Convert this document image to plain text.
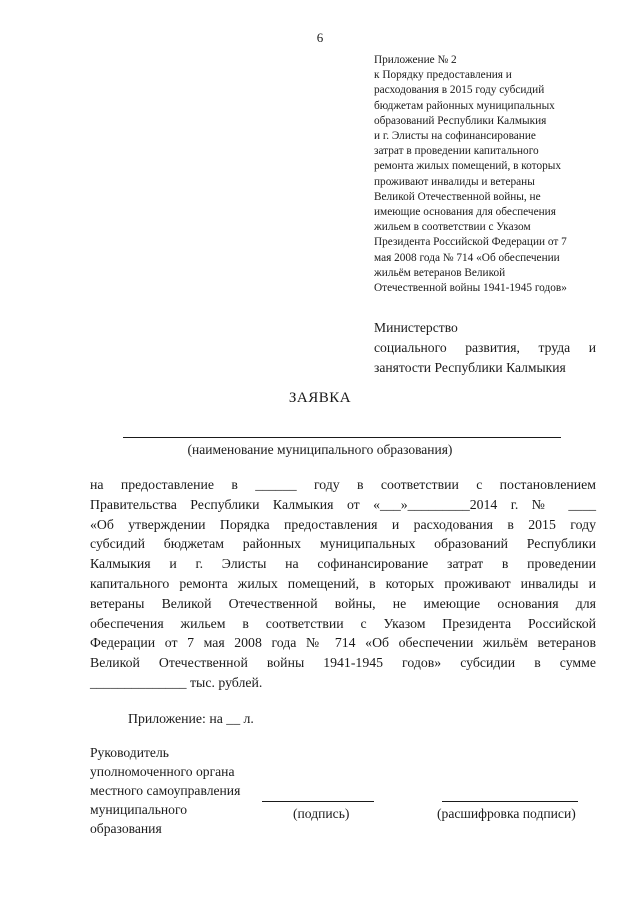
6
Приложение № 2
к Порядку предоставления и
расходования в 2015 году субсидий
бюджетам районных муниципальных
образований Республики Калмыкия
и г. Элисты на софинансирование
затрат в проведении капитального
ремонта жилых помещений, в которых
проживают инвалиды и ветераны
Великой Отечественной войны, не
имеющие основания для обеспечения
жильем в соответствии с Указом
Президента Российской Федерации от 7
мая 2008 года № 714 «Об обеспечении
жильём ветеранов Великой
Отечественной войны 1941-1945 годов»
Министерство
социального развития, труда и
занятости Республики Калмыкия
ЗАЯВКА
(наименование муниципального образования)
на предоставление в ______ году в соответствии с постановлением
Правительства Республики Калмыкия от «___»_________2014 г. № ____
«Об утверждении Порядка предоставления и расходования в 2015 году
субсидий бюджетам районных муниципальных образований Республики
Калмыкия и г. Элисты на софинансирование затрат в проведении
капитального ремонта жилых помещений, в которых проживают инвалиды и
ветераны Великой Отечественной войны, не имеющие основания для
обеспечения жильем в соответствии с Указом Президента Российской
Федерации от 7 мая 2008 года № 714 «Об обеспечении жильём ветеранов
Великой Отечественной войны 1941-1945 годов» субсидии в сумме
______________ тыс. рублей.
Приложение: на __ л.
Руководитель
уполномоченного органа
местного самоуправления
муниципального
образования
(подпись)	(расшифровка подписи)
